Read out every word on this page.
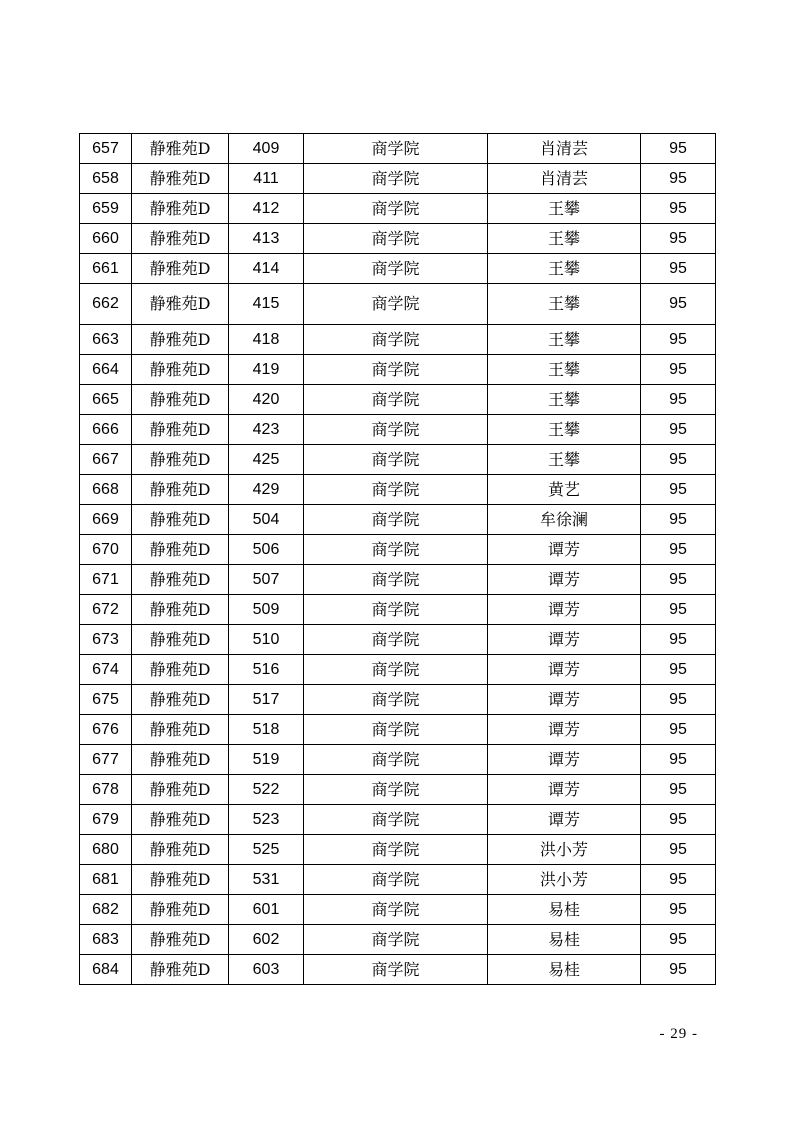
657	静雅苑D	409	商学院	肖清芸	95
658	静雅苑D	411	商学院	肖清芸	95
659	静雅苑D	412	商学院	王攀	95
660	静雅苑D	413	商学院	王攀	95
661	静雅苑D	414	商学院	王攀	95
662	静雅苑D	415	商学院	王攀	95
663	静雅苑D	418	商学院	王攀	95
664	静雅苑D	419	商学院	王攀	95
665	静雅苑D	420	商学院	王攀	95
666	静雅苑D	423	商学院	王攀	95
667	静雅苑D	425	商学院	王攀	95
668	静雅苑D	429	商学院	黄艺	95
669	静雅苑D	504	商学院	牟徐澜	95
670	静雅苑D	506	商学院	谭芳	95
671	静雅苑D	507	商学院	谭芳	95
672	静雅苑D	509	商学院	谭芳	95
673	静雅苑D	510	商学院	谭芳	95
674	静雅苑D	516	商学院	谭芳	95
675	静雅苑D	517	商学院	谭芳	95
676	静雅苑D	518	商学院	谭芳	95
677	静雅苑D	519	商学院	谭芳	95
678	静雅苑D	522	商学院	谭芳	95
679	静雅苑D	523	商学院	谭芳	95
680	静雅苑D	525	商学院	洪小芳	95
681	静雅苑D	531	商学院	洪小芳	95
682	静雅苑D	601	商学院	易桂	95
683	静雅苑D	602	商学院	易桂	95
684	静雅苑D	603	商学院	易桂	95
- 29 -
